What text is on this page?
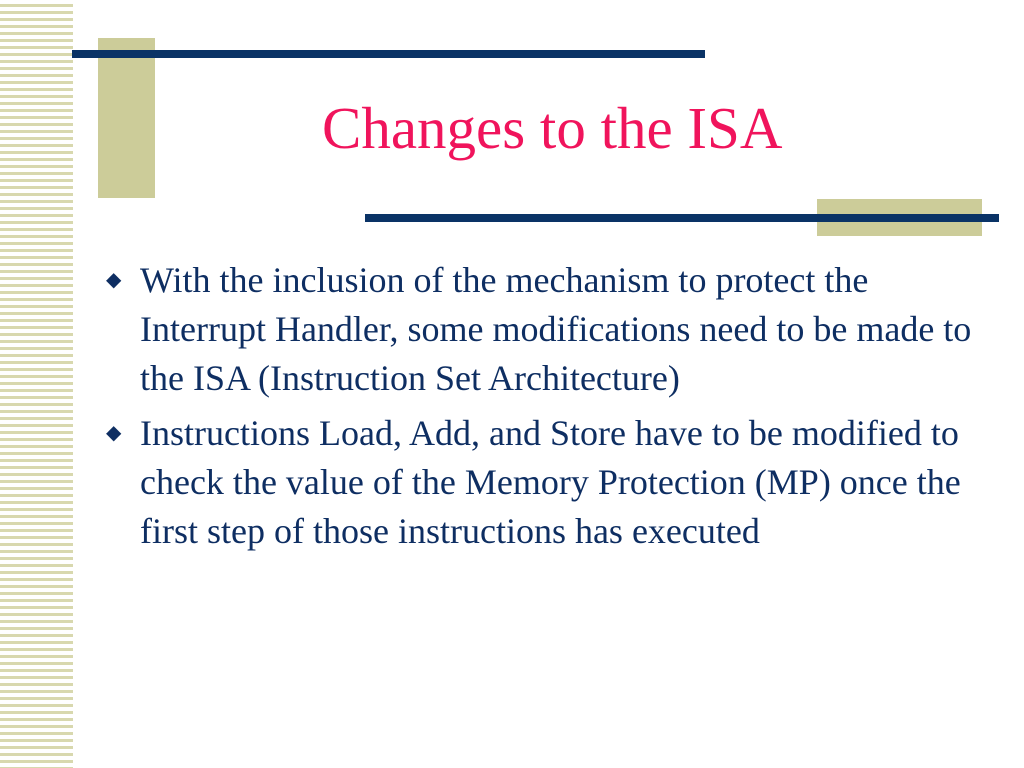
Changes to the ISA
◆ With the inclusion of the mechanism to protect the Interrupt Handler, some modifications need to be made to the ISA (Instruction Set Architecture)
◆ Instructions Load, Add, and Store have to be modified to check the value of the Memory Protection (MP) once the first step of those instructions has executed
